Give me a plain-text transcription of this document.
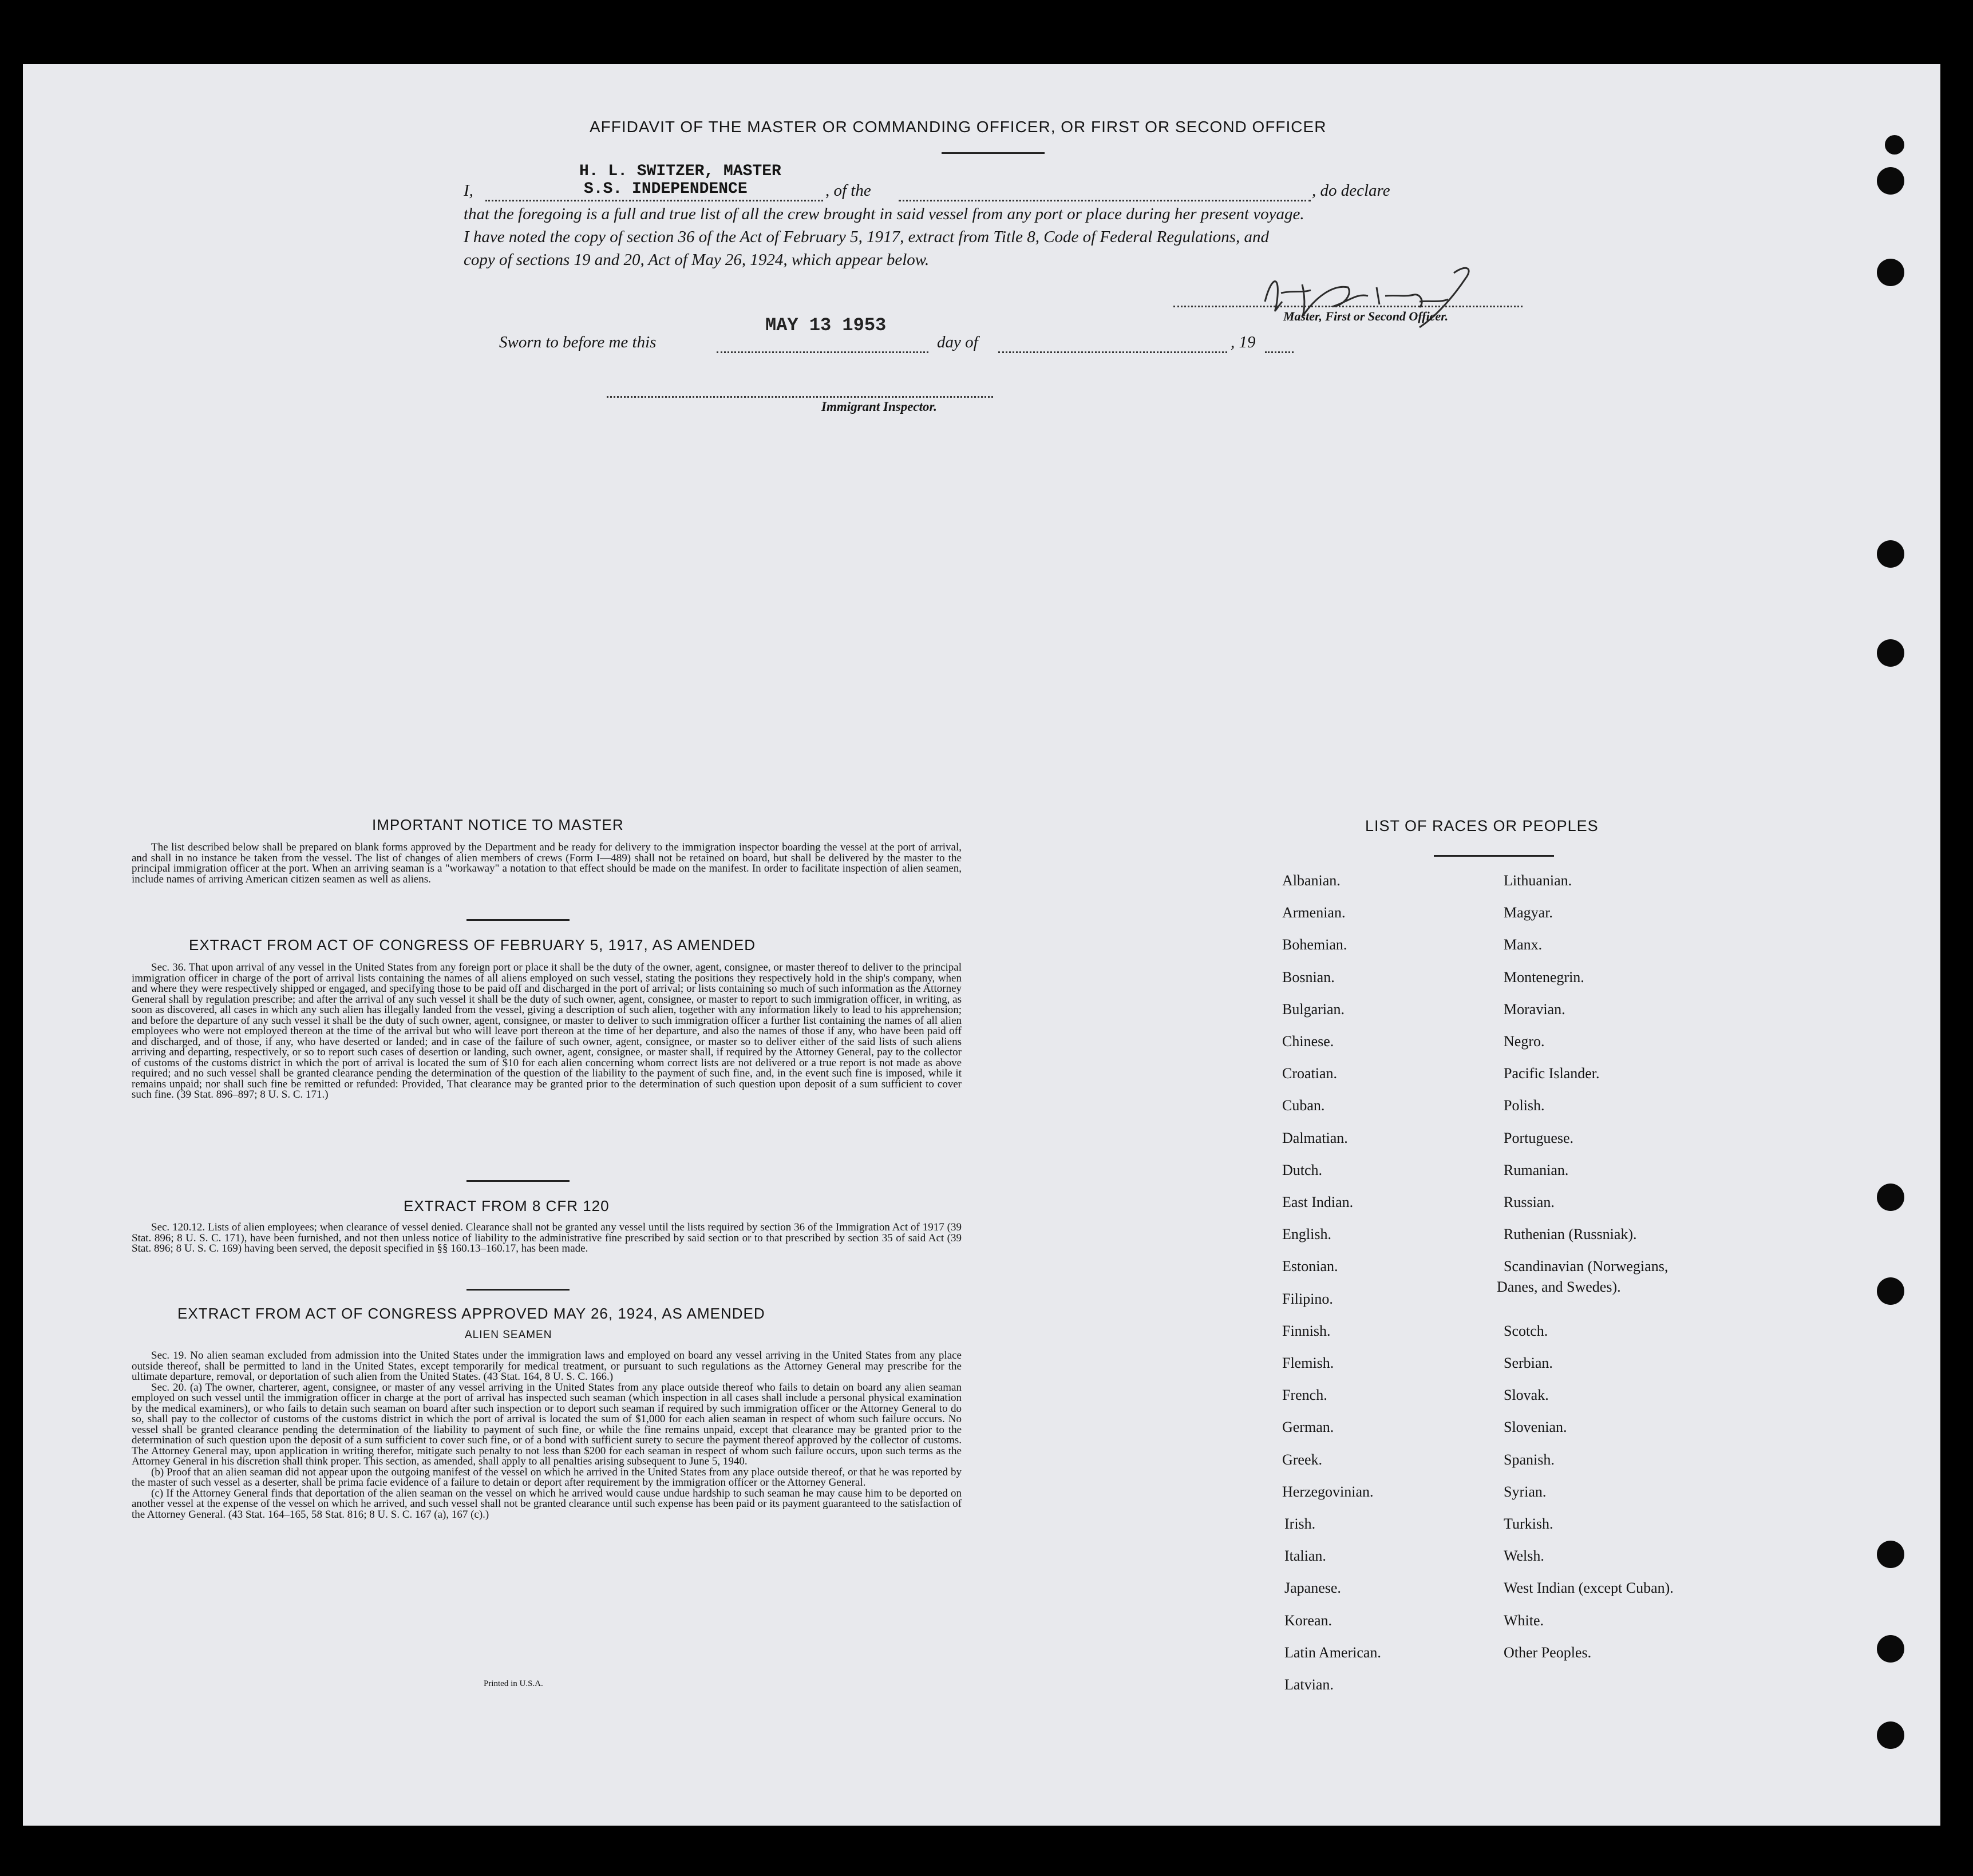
AFFIDAVIT OF THE MASTER OR COMMANDING OFFICER, OR FIRST OR SECOND OFFICER
H. L. SWITZER, MASTER
I,	S.S. INDEPENDENCE	, of the	, do declare
that the foregoing is a full and true list of all the crew brought in said vessel from any port or place during her present voyage.
I have noted the copy of section 36 of the Act of February 5, 1917, extract from Title 8, Code of Federal Regulations, and
copy of sections 19 and 20, Act of May 26, 1924, which appear below.
Master, First or Second Officer.
Sworn to before me this
MAY 13 1953
day of	, 19
Immigrant Inspector.
IMPORTANT NOTICE TO MASTER

The list described below shall be prepared on blank forms approved by the Department and be ready for delivery to the immigration inspector boarding the vessel at the port of arrival, and shall in no instance be taken from the vessel. The list of changes of alien members of crews (Form I—489) shall not be retained on board, but shall be delivered by the master to the principal immigration officer at the port. When an arriving seaman is a "workaway" a notation to that effect should be made on the manifest. In order to facilitate inspection of alien seamen, include names of arriving American citizen seamen as well as aliens.

EXTRACT FROM ACT OF CONGRESS OF FEBRUARY 5, 1917, AS AMENDED

Sec. 36. That upon arrival of any vessel in the United States from any foreign port or place it shall be the duty of the owner, agent, consignee, or master thereof to deliver to the principal immigration officer in charge of the port of arrival lists containing the names of all aliens employed on such vessel, stating the positions they respectively hold in the ship's company, when and where they were respectively shipped or engaged, and specifying those to be paid off and discharged in the port of arrival; or lists containing so much of such information as the Attorney General shall by regulation prescribe; and after the arrival of any such vessel it shall be the duty of such owner, agent, consignee, or master to report to such immigration officer, in writing, as soon as discovered, all cases in which any such alien has illegally landed from the vessel, giving a description of such alien, together with any information likely to lead to his apprehension; and before the departure of any such vessel it shall be the duty of such owner, agent, consignee, or master to deliver to such immigration officer a further list containing the names of all alien employees who were not employed thereon at the time of the arrival but who will leave port thereon at the time of her departure, and also the names of those if any, who have been paid off and discharged, and of those, if any, who have deserted or landed; and in case of the failure of such owner, agent, consignee, or master so to deliver either of the said lists of such aliens arriving and departing, respectively, or so to report such cases of desertion or landing, such owner, agent, consignee, or master shall, if required by the Attorney General, pay to the collector of customs of the customs district in which the port of arrival is located the sum of $10 for each alien concerning whom correct lists are not delivered or a true report is not made as above required; and no such vessel shall be granted clearance pending the determination of the question of the liability to the payment of such fine, and, in the event such fine is imposed, while it remains unpaid; nor shall such fine be remitted or refunded: Provided, That clearance may be granted prior to the determination of such question upon deposit of a sum sufficient to cover such fine. (39 Stat. 896–897; 8 U. S. C. 171.)

EXTRACT FROM 8 CFR 120

Sec. 120.12. Lists of alien employees; when clearance of vessel denied. Clearance shall not be granted any vessel until the lists required by section 36 of the Immigration Act of 1917 (39 Stat. 896; 8 U. S. C. 171), have been furnished, and not then unless notice of liability to the administrative fine prescribed by said section or to that prescribed by section 35 of said Act (39 Stat. 896; 8 U. S. C. 169) having been served, the deposit specified in §§ 160.13–160.17, has been made.

EXTRACT FROM ACT OF CONGRESS APPROVED MAY 26, 1924, AS AMENDED
ALIEN SEAMEN

Sec. 19. No alien seaman excluded from admission into the United States under the immigration laws and employed on board any vessel arriving in the United States from any place outside thereof, shall be permitted to land in the United States, except temporarily for medical treatment, or pursuant to such regulations as the Attorney General may prescribe for the ultimate departure, removal, or deportation of such alien from the United States. (43 Stat. 164, 8 U. S. C. 166.)

Sec. 20. (a) The owner, charterer, agent, consignee, or master of any vessel arriving in the United States from any place outside thereof who fails to detain on board any alien seaman employed on such vessel until the immigration officer in charge at the port of arrival has inspected such seaman (which inspection in all cases shall include a personal physical examination by the medical examiners), or who fails to detain such seaman on board after such inspection or to deport such seaman if required by such immigration officer or the Attorney General to do so, shall pay to the collector of customs of the customs district in which the port of arrival is located the sum of $1,000 for each alien seaman in respect of whom such failure occurs. No vessel shall be granted clearance pending the determination of the liability to payment of such fine, or while the fine remains unpaid, except that clearance may be granted prior to the determination of such question upon the deposit of a sum sufficient to cover such fine, or of a bond with sufficient surety to secure the payment thereof approved by the collector of customs. The Attorney General may, upon application in writing therefor, mitigate such penalty to not less than $200 for each seaman in respect of whom such failure occurs, upon such terms as the Attorney General in his discretion shall think proper. This section, as amended, shall apply to all penalties arising subsequent to June 5, 1940.

(b) Proof that an alien seaman did not appear upon the outgoing manifest of the vessel on which he arrived in the United States from any place outside thereof, or that he was reported by the master of such vessel as a deserter, shall be prima facie evidence of a failure to detain or deport after requirement by the immigration officer or the Attorney General.

(c) If the Attorney General finds that deportation of the alien seaman on the vessel on which he arrived would cause undue hardship to such seaman he may cause him to be deported on another vessel at the expense of the vessel on which he arrived, and such vessel shall not be granted clearance until such expense has been paid or its payment guaranteed to the satisfaction of the Attorney General. (43 Stat. 164–165, 58 Stat. 816; 8 U. S. C. 167 (a), 167 (c).)

Printed in U.S.A.
LIST OF RACES OR PEOPLES
Albanian.
Armenian.
Bohemian.
Bosnian.
Bulgarian.
Chinese.
Croatian.
Cuban.
Dalmatian.
Dutch.
East Indian.
English.
Estonian.
Filipino.
Finnish.
Flemish.
French.
German.
Greek.
Herzegovinian.
Irish.
Italian.
Japanese.
Korean.
Latin American.
Latvian.
Lithuanian.
Magyar.
Manx.
Montenegrin.
Moravian.
Negro.
Pacific Islander.
Polish.
Portuguese.
Rumanian.
Russian.
Ruthenian (Russniak).
Scandinavian (Norwegians,
Scotch.
Serbian.
Slovak.
Slovenian.
Spanish.
Syrian.
Turkish.
Welsh.
West Indian (except Cuban).
White.
Other Peoples.
Danes, and Swedes).
